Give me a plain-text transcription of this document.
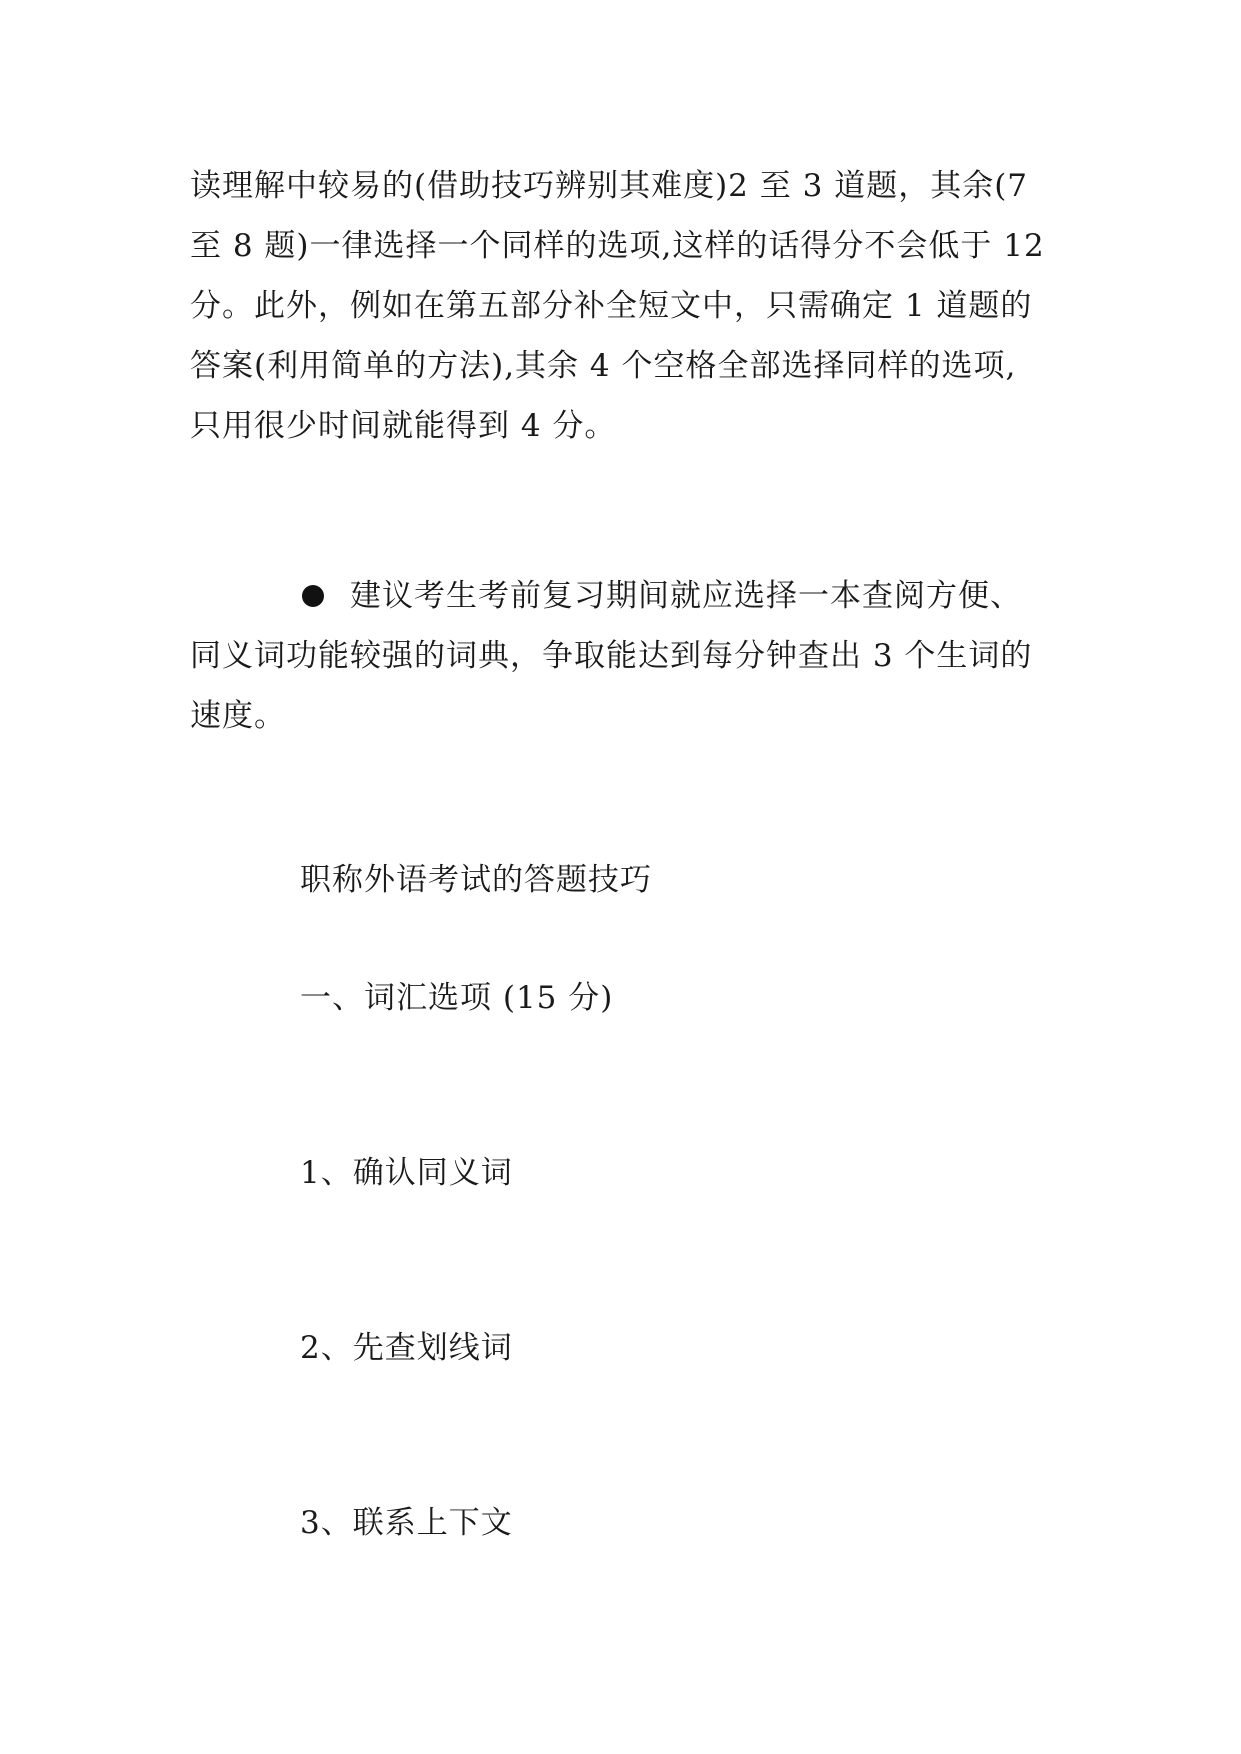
读理解中较易的(借助技巧辨别其难度)2 至 3 道题，其余(7
至 8 题)一律选择一个同样的选项,这样的话得分不会低于 12
分。此外，例如在第五部分补全短文中，只需确定 1 道题的
答案(利用简单的方法),其余 4 个空格全部选择同样的选项,
只用很少时间就能得到 4 分。
建议考生考前复习期间就应选择一本查阅方便、
同义词功能较强的词典，争取能达到每分钟查出 3 个生词的
速度。
职称外语考试的答题技巧
一、词汇选项 (15 分)
1、确认同义词
2、先查划线词
3、联系上下文
